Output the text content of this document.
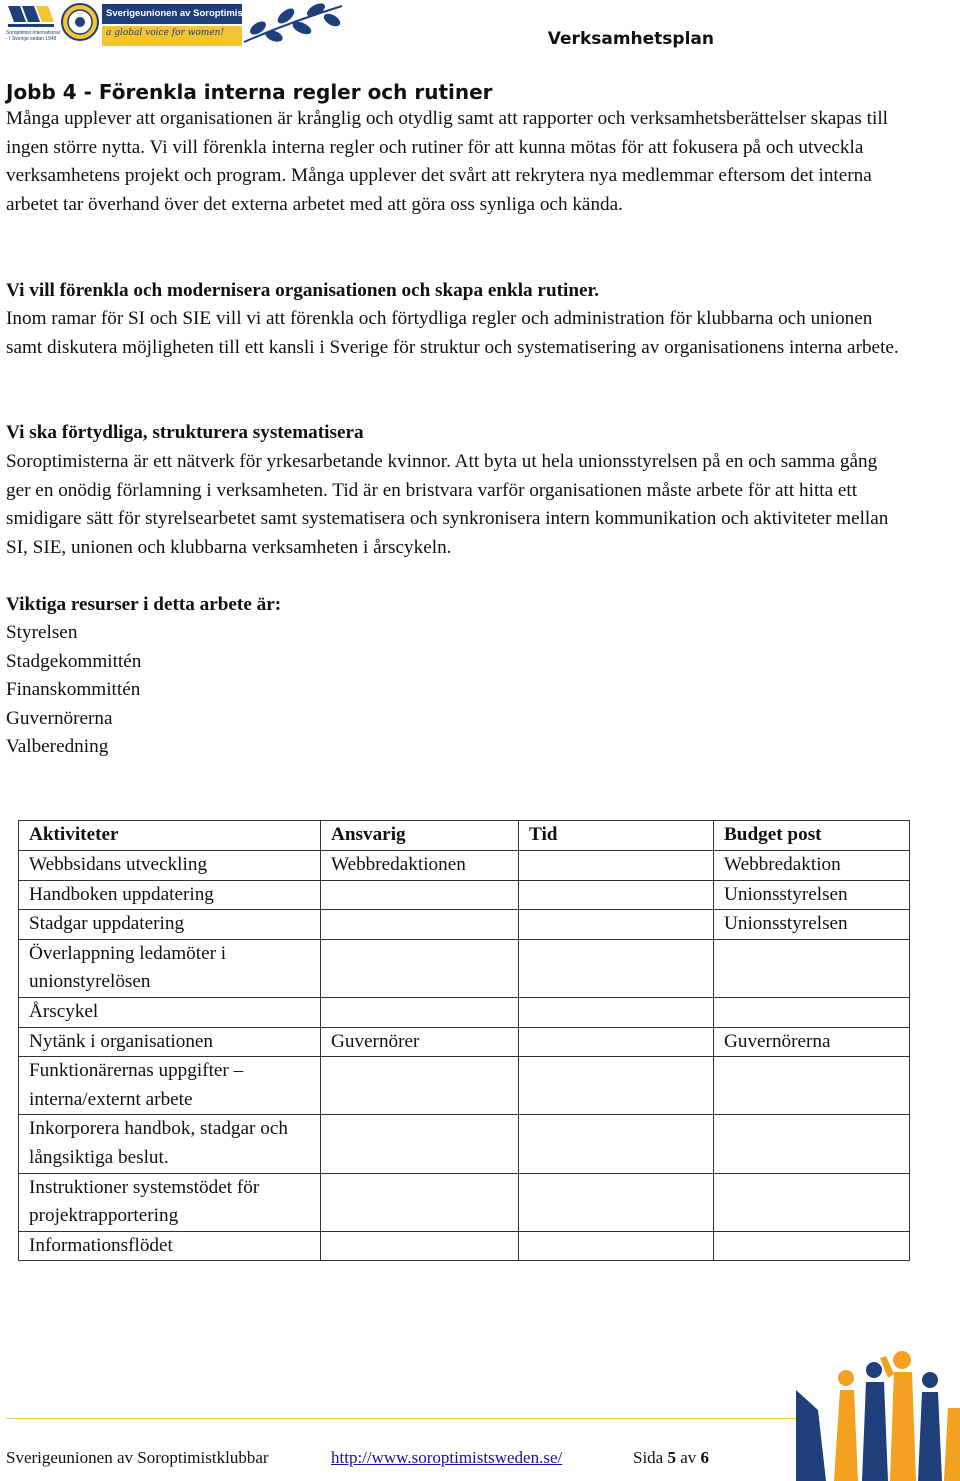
Soroptimist International · I Sverige sedan 1948
Sverigeunionen av Soroptimistklubbar
a global voice for women!	Verksamhetsplan
Jobb 4 - Förenkla interna regler och rutiner

Många upplever att organisationen är krånglig och otydlig samt att rapporter och verksamhetsberättelser skapas till ingen större nytta. Vi vill förenkla interna regler och rutiner för att kunna mötas för att fokusera på och utveckla verksamhetens projekt och program. Många upplever det svårt att rekrytera nya medlemmar eftersom det interna arbetet tar överhand över det externa arbetet med att göra oss synliga och kända.

Vi vill förenkla och modernisera organisationen och skapa enkla rutiner.

Inom ramar för SI och SIE vill vi att förenkla och förtydliga regler och administration för klubbarna och unionen samt diskutera möjligheten till ett kansli i Sverige för struktur och systematisering av organisationens interna arbete.

Vi ska förtydliga, strukturera systematisera

Soroptimisterna är ett nätverk för yrkesarbetande kvinnor. Att byta ut hela unionsstyrelsen på en och samma gång ger en onödig förlamning i verksamheten. Tid är en bristvara varför organisationen måste arbete för att hitta ett smidigare sätt för styrelsearbetet samt systematisera och synkronisera intern kommunikation och aktiviteter mellan SI, SIE, unionen och klubbarna verksamheten i årscykeln.

Viktiga resurser i detta arbete är:

Styrelsen
Stadgekommittén
Finanskommittén
Guvernörerna
Valberedning
Aktiviteter	Ansvarig	Tid	Budget post
Webbsidans utveckling	Webbredaktionen		Webbredaktion
Handboken uppdatering			Unionsstyrelsen
Stadgar uppdatering			Unionsstyrelsen
Överlappning ledamöter i unionstyrelösen			
Årscykel			
Nytänk i organisationen	Guvernörer		Guvernörerna
Funktionärernas uppgifter – interna/externt arbete			
Inkorporera handbok, stadgar och långsiktiga beslut.			
Instruktioner systemstödet för projektrapportering			
Informationsflödet			
Sverigeunionen av Soroptimistklubbar	http://www.soroptimistsweden.se/	Sida 5 av 6
